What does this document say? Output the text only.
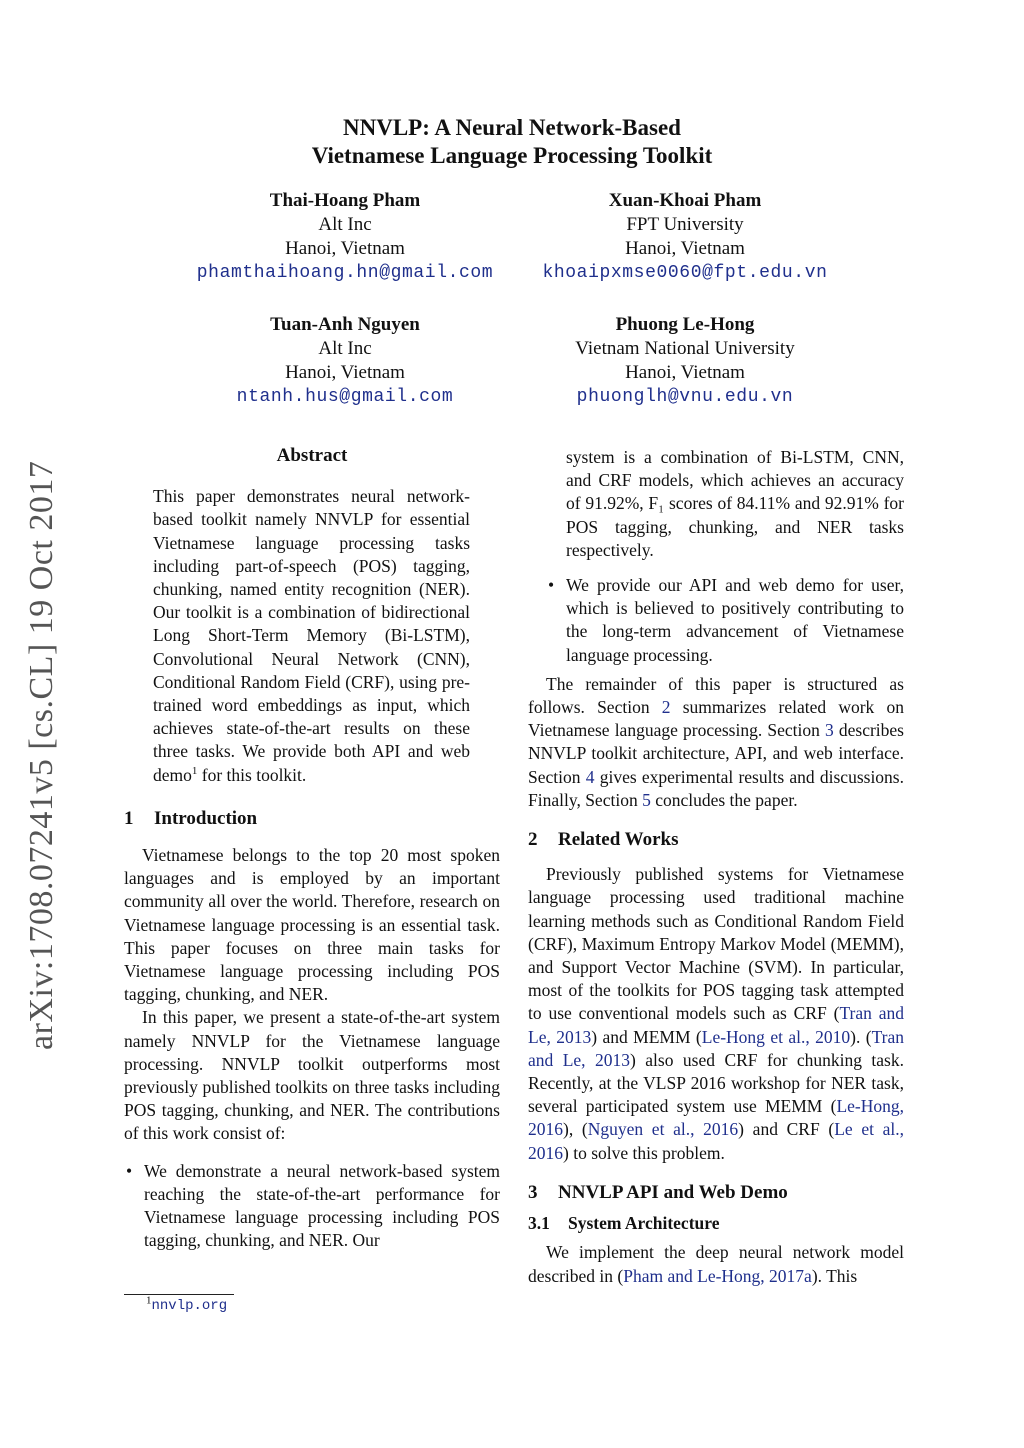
NNVLP: A Neural Network-Based
Vietnamese Language Processing Toolkit
Thai-Hoang Pham
Alt Inc
Hanoi, Vietnam
phamthaihoang.hn@gmail.com
Xuan-Khoai Pham
FPT University
Hanoi, Vietnam
khoaipxmse0060@fpt.edu.vn
Tuan-Anh Nguyen
Alt Inc
Hanoi, Vietnam
ntanh.hus@gmail.com
Phuong Le-Hong
Vietnam National University
Hanoi, Vietnam
phuonglh@vnu.edu.vn
arXiv:1708.07241v5 [cs.CL] 19 Oct 2017
Abstract

This paper demonstrates neural network-based toolkit namely NNVLP for essential Vietnamese language processing tasks including part-of-speech (POS) tagging, chunking, named entity recognition (NER). Our toolkit is a combination of bidirectional Long Short-Term Memory (Bi-LSTM), Convolutional Neural Network (CNN), Conditional Random Field (CRF), using pre-trained word embeddings as input, which achieves state-of-the-art results on these three tasks. We provide both API and web demo$^1$ for this toolkit.

1 Introduction

Vietnamese belongs to the top 20 most spoken languages and is employed by an important community all over the world. Therefore, research on Vietnamese language processing is an essential task. This paper focuses on three main tasks for Vietnamese language processing including POS tagging, chunking, and NER.

In this paper, we present a state-of-the-art system namely NNVLP for the Vietnamese language processing. NNVLP toolkit outperforms most previously published toolkits on three tasks including POS tagging, chunking, and NER. The contributions of this work consist of:

• We demonstrate a neural network-based system reaching the state-of-the-art performance for Vietnamese language processing including POS tagging, chunking, and NER. Our
$^1$nnvlp.org
system is a combination of Bi-LSTM, CNN, and CRF models, which achieves an accuracy of 91.92%, F₁ scores of 84.11% and 92.91% for POS tagging, chunking, and NER tasks respectively.
• We provide our API and web demo for user, which is believed to positively contributing to the long-term advancement of Vietnamese language processing.

The remainder of this paper is structured as follows. Section 2 summarizes related work on Vietnamese language processing. Section 3 describes NNVLP toolkit architecture, API, and web interface. Section 4 gives experimental results and discussions. Finally, Section 5 concludes the paper.

2 Related Works

Previously published systems for Vietnamese language processing used traditional machine learning methods such as Conditional Random Field (CRF), Maximum Entropy Markov Model (MEMM), and Support Vector Machine (SVM). In particular, most of the toolkits for POS tagging task attempted to use conventional models such as CRF (Tran and Le, 2013) and MEMM (Le-Hong et al., 2010). (Tran and Le, 2013) also used CRF for chunking task. Recently, at the VLSP 2016 workshop for NER task, several participated system use MEMM (Le-Hong, 2016), (Nguyen et al., 2016) and CRF (Le et al., 2016) to solve this problem.

3 NNVLP API and Web Demo
3.1 System Architecture

We implement the deep neural network model described in (Pham and Le-Hong, 2017a). This
